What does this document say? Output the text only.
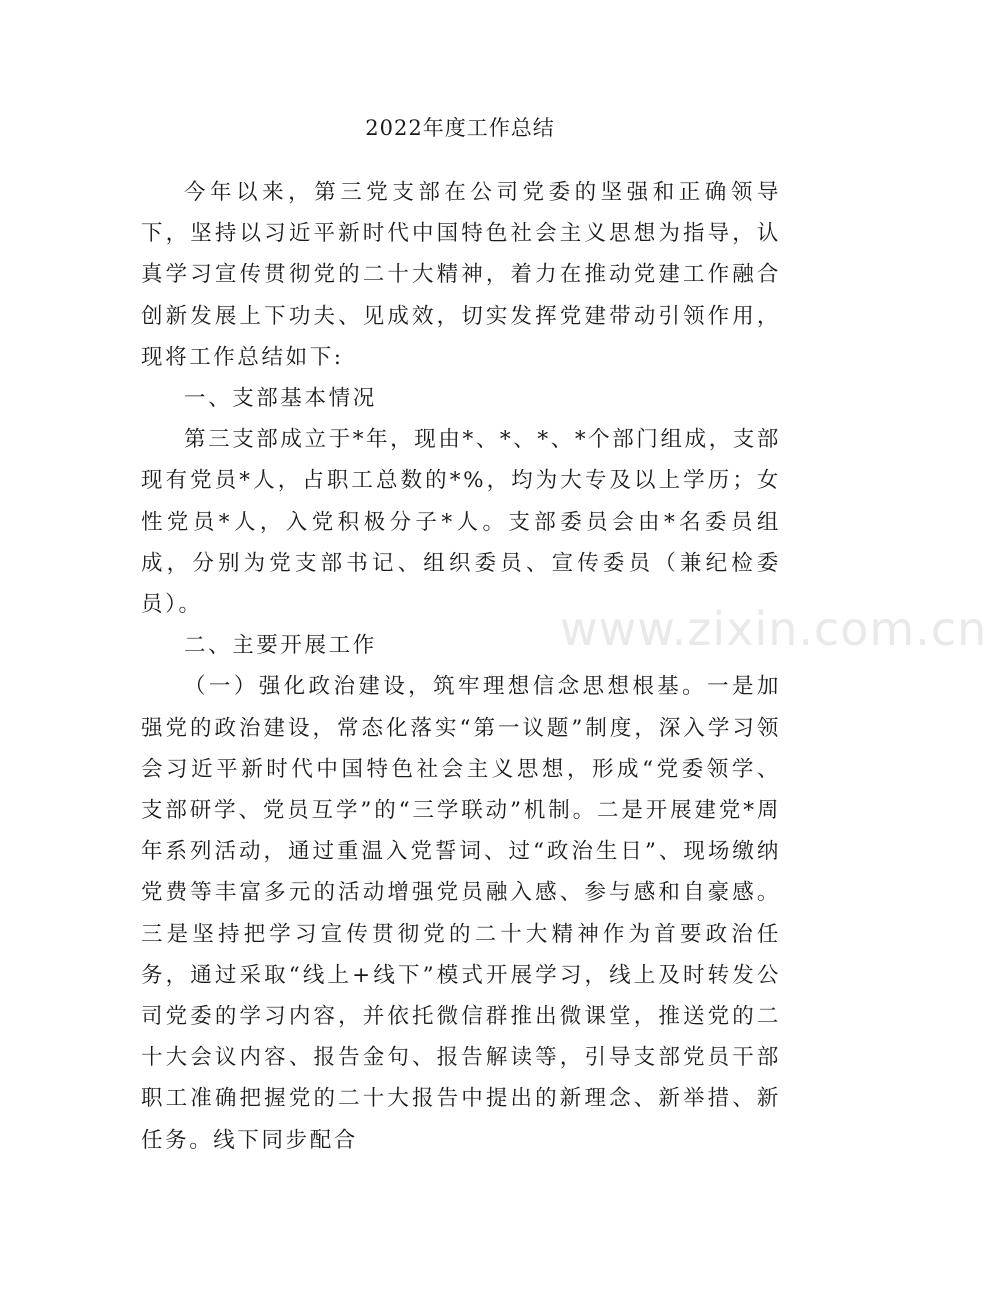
www.zixin.com.cn
2022年度工作总结

今年以来，第三党支部在公司党委的坚强和正确领导下，坚持以习近平新时代中国特色社会主义思想为指导，认真学习宣传贯彻党的二十大精神，着力在推动党建工作融合创新发展上下功夫、见成效，切实发挥党建带动引领作用，现将工作总结如下:

一、支部基本情况

第三支部成立于*年，现由*、*、*、*个部门组成，支部现有党员*人，占职工总数的*%，均为大专及以上学历；女性党员*人，入党积极分子*人。支部委员会由*名委员组成，分别为党支部书记、组织委员、宣传委员（兼纪检委员）。

二、主要开展工作

（一）强化政治建设，筑牢理想信念思想根基。一是加强党的政治建设，常态化落实“第一议题”制度，深入学习领会习近平新时代中国特色社会主义思想，形成“党委领学、支部研学、党员互学”的“三学联动”机制。二是开展建党*周年系列活动，通过重温入党誓词、过“政治生日”、现场缴纳党费等丰富多元的活动增强党员融入感、参与感和自豪感。三是坚持把学习宣传贯彻党的二十大精神作为首要政治任务，通过采取“线上+线下”模式开展学习，线上及时转发公司党委的学习内容，并依托微信群推出微课堂，推送党的二十大会议内容、报告金句、报告解读等，引导支部党员干部职工准确把握党的二十大报告中提出的新理念、新举措、新任务。线下同步配合
